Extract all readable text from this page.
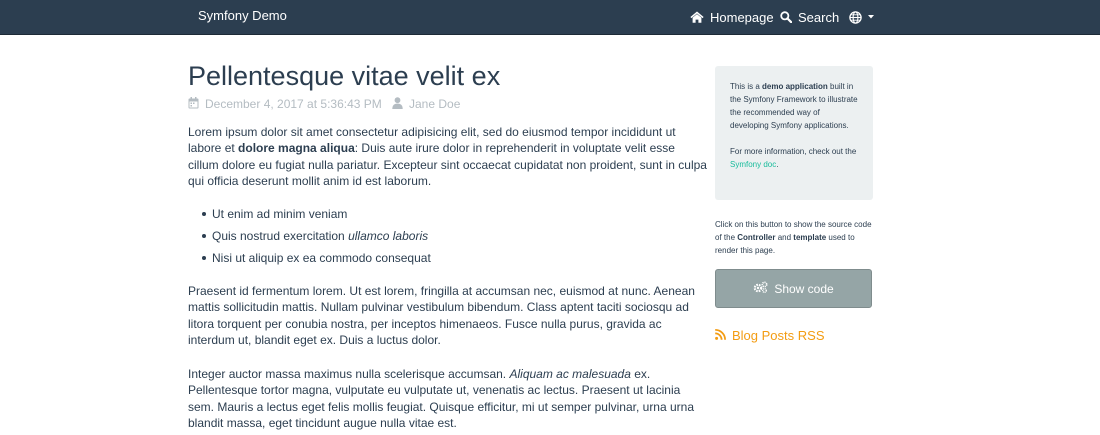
Symfony Demo	Homepage Search
Pellentesque vitae velit ex
December 4, 2017 at 5:36:43 PM Jane Doe

Lorem ipsum dolor sit amet consectetur adipisicing elit, sed do eiusmod tempor incididunt ut labore et dolore magna aliqua: Duis aute irure dolor in reprehenderit in voluptate velit esse cillum dolore eu fugiat nulla pariatur. Excepteur sint occaecat cupidatat non proident, sunt in culpa qui officia deserunt mollit anim id est laborum.

Ut enim ad minim veniam
Quis nostrud exercitation ullamco laboris
Nisi ut aliquip ex ea commodo consequat

Praesent id fermentum lorem. Ut est lorem, fringilla at accumsan nec, euismod at nunc. Aenean mattis sollicitudin mattis. Nullam pulvinar vestibulum bibendum. Class aptent taciti sociosqu ad litora torquent per conubia nostra, per inceptos himenaeos. Fusce nulla purus, gravida ac interdum ut, blandit eget ex. Duis a luctus dolor.

Integer auctor massa maximus nulla scelerisque accumsan. Aliquam ac malesuada ex. Pellentesque tortor magna, vulputate eu vulputate ut, venenatis ac lectus. Praesent ut lacinia sem. Mauris a lectus eget felis mollis feugiat. Quisque efficitur, mi ut semper pulvinar, urna urna blandit massa, eget tincidunt augue nulla vitae est.

This is a demo application built in the Symfony Framework to illustrate the recommended way of developing Symfony applications.

For more information, check out the Symfony doc.

Click on this button to show the source code of the Controller and template used to render this page.

Show code
Blog Posts RSS
